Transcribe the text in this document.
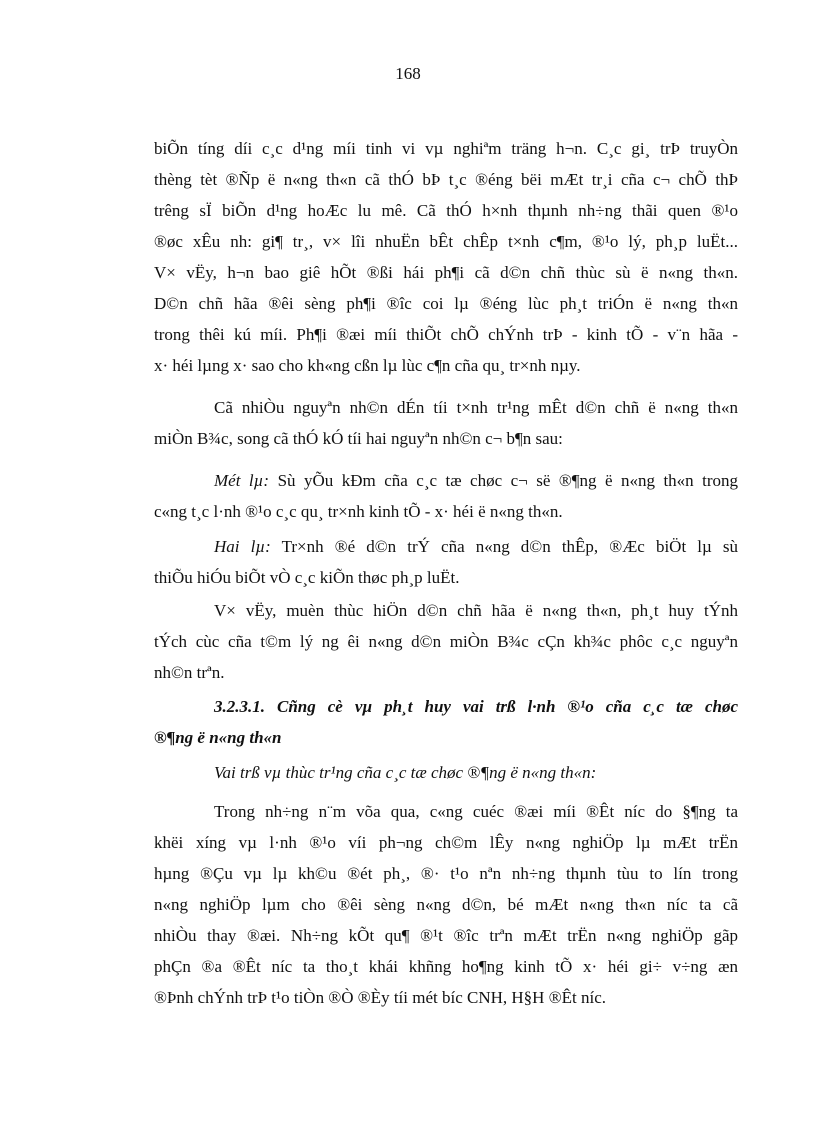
168
biÕn tíng díi c¸c d¹ng míi tinh vi vµ nghiªm träng h¬n. C¸c gi¸ trÞ truyÒn
thèng tèt ®Ñp ë n«ng th«n cã thÓ bÞ t¸c ®éng bëi mÆt tr¸i cña c¬ chÕ thÞ
trêng sÏ biÕn d¹ng hoÆc lu mê. Cã thÓ h×nh thµnh nh÷ng thãi quen ®¹o
®øc xÊu nh: gi¶ tr¸, v× lîi nhuËn bÊt chÊp t×nh c¶m, ®¹o lý, ph¸p luËt...
V× vËy, h¬n bao giê hÕt ®ßi hái ph¶i cã d©n chñ thùc sù ë n«ng th«n.
D©n chñ hãa ®êi sèng ph¶i ®îc coi lµ ®éng lùc ph¸t triÓn ë n«ng th«n
trong thêi kú míi. Ph¶i ®æi míi thiÕt chÕ chÝnh trÞ - kinh tÕ - v¨n hãa -
x· héi lµng x· sao cho kh«ng cßn lµ lùc c¶n cña qu¸ tr×nh nµy.
Cã nhiÒu nguyªn nh©n dÉn tíi t×nh tr¹ng mÊt d©n chñ ë n«ng th«n
miÒn B¾c, song cã thÓ kÓ tíi hai nguyªn nh©n c¬ b¶n sau:
Mét lµ: Sù yÕu kÐm cña c¸c tæ chøc c¬ së ®¶ng ë n«ng th«n trong
c«ng t¸c l·nh ®¹o c¸c qu¸ tr×nh kinh tÕ - x· héi ë n«ng th«n.
Hai lµ: Tr×nh ®é d©n trÝ cña n«ng d©n thÊp, ®Æc biÖt lµ sù
thiÕu hiÓu biÕt vÒ c¸c kiÕn thøc ph¸p luËt.
V× vËy, muèn thùc hiÖn d©n chñ hãa ë n«ng th«n, ph¸t huy tÝnh
tÝch cùc cña t©m lý ng êi n«ng d©n miÒn B¾c cÇn kh¾c phôc c¸c nguyªn
nh©n trªn.
3.2.3.1. Cñng cè vµ ph¸t huy vai trß l·nh ®¹o cña c¸c tæ chøc
®¶ng ë n«ng th«n
Vai trß vµ thùc tr¹ng cña c¸c tæ chøc ®¶ng ë n«ng th«n:
Trong nh÷ng n¨m võa qua, c«ng cuéc ®æi míi ®Êt níc do §¶ng ta
khëi xíng vµ l·nh ®¹o víi ph¬ng ch©m lÊy n«ng nghiÖp lµ mÆt trËn
hµng ®Çu vµ lµ kh©u ®ét ph¸, ®· t¹o nªn nh÷ng thµnh tùu to lín trong
n«ng nghiÖp lµm cho ®êi sèng n«ng d©n, bé mÆt n«ng th«n níc ta cã
nhiÒu thay ®æi. Nh÷ng kÕt qu¶ ®¹t ®îc trªn mÆt trËn n«ng nghiÖp gãp
phÇn ®a ®Êt níc ta tho¸t khái khñng ho¶ng kinh tÕ x· héi gi÷ v÷ng æn
®Þnh chÝnh trÞ t¹o tiÒn ®Ò ®Èy tíi mét bíc CNH, H§H ®Êt níc.
